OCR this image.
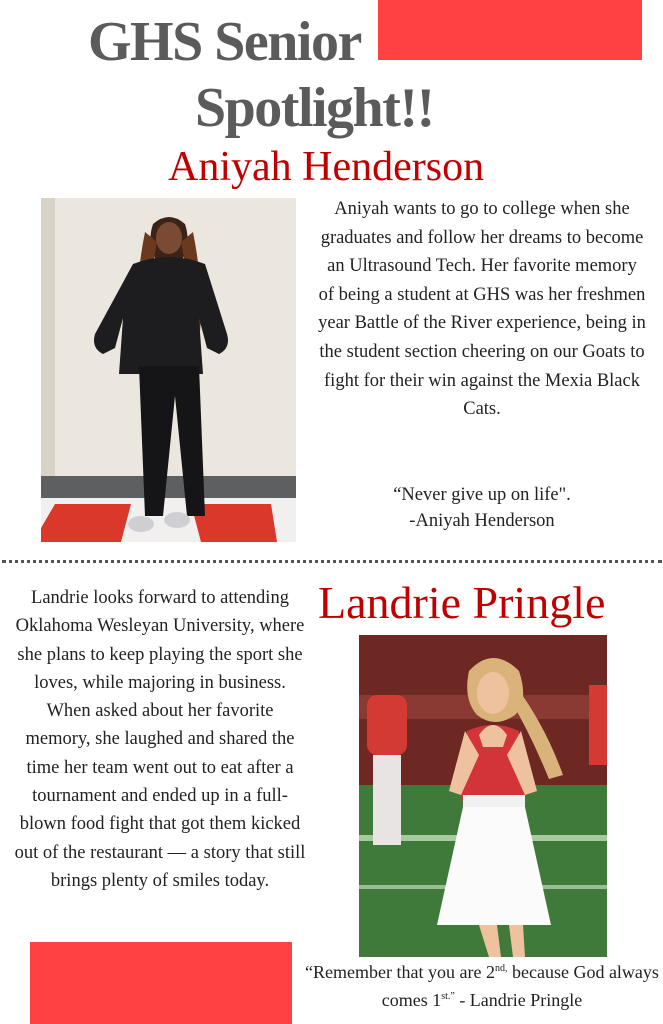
GHS Senior
Spotlight!!
Aniyah Henderson
Aniyah wants to go to college when she graduates and follow her dreams to become an Ultrasound Tech. Her favorite memory of being a student at GHS was her freshmen year Battle of the River experience, being in the student section cheering on our Goats to fight for their win against the Mexia Black Cats.
“Never give up on life".
-Aniyah Henderson
Landrie looks forward to attending Oklahoma Wesleyan University, where she plans to keep playing the sport she loves, while majoring in business. When asked about her favorite memory, she laughed and shared the time her team went out to eat after a tournament and ended up in a full-blown food fight that got them kicked out of the restaurant — a story that still brings plenty of smiles today.
Landrie Pringle
“Remember that you are $2^{nd,}$ because God always comes $1^{st.”}$ - Landrie Pringle
